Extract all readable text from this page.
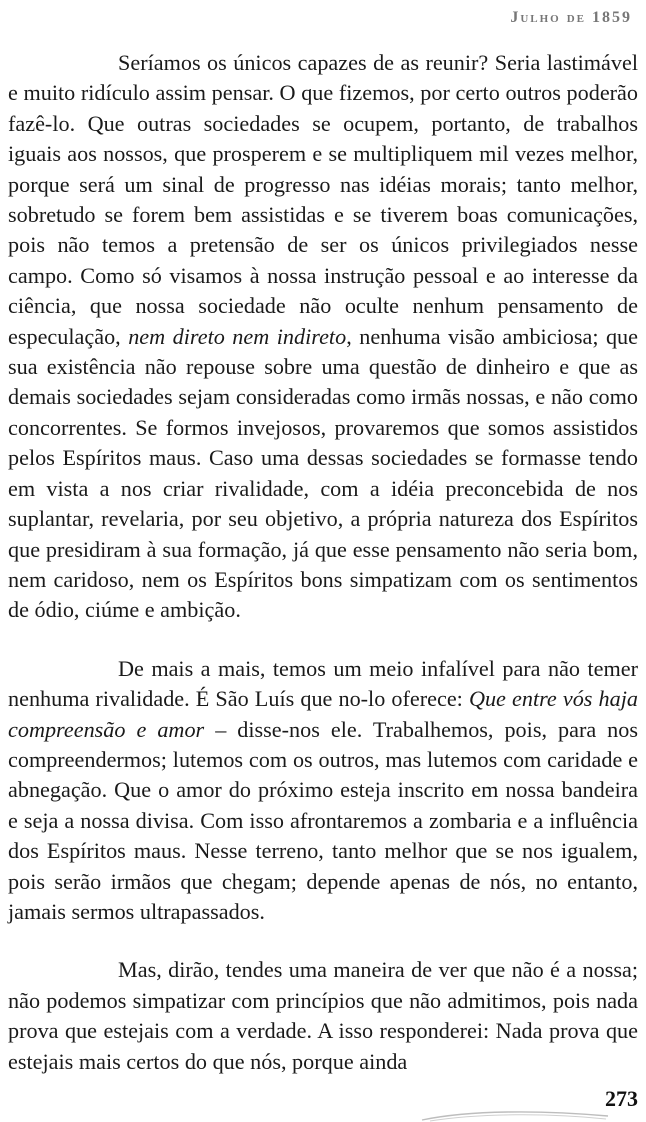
Julho de 1859

Seríamos os únicos capazes de as reunir? Seria lastimável e muito ridículo assim pensar. O que fizemos, por certo outros poderão fazê-lo. Que outras sociedades se ocupem, portanto, de trabalhos iguais aos nossos, que prosperem e se multipliquem mil vezes melhor, porque será um sinal de progresso nas idéias morais; tanto melhor, sobretudo se forem bem assistidas e se tiverem boas comunicações, pois não temos a pretensão de ser os únicos privilegiados nesse campo. Como só visamos à nossa instrução pessoal e ao interesse da ciência, que nossa sociedade não oculte nenhum pensamento de especulação, nem direto nem indireto, nenhuma visão ambiciosa; que sua existência não repouse sobre uma questão de dinheiro e que as demais sociedades sejam consideradas como irmãs nossas, e não como concorrentes. Se formos invejosos, provaremos que somos assistidos pelos Espíritos maus. Caso uma dessas sociedades se formasse tendo em vista a nos criar rivalidade, com a idéia preconcebida de nos suplantar, revelaria, por seu objetivo, a própria natureza dos Espíritos que presidiram à sua formação, já que esse pensamento não seria bom, nem caridoso, nem os Espíritos bons simpatizam com os sentimentos de ódio, ciúme e ambição.

De mais a mais, temos um meio infalível para não temer nenhuma rivalidade. É São Luís que no-lo oferece: Que entre vós haja compreensão e amor – disse-nos ele. Trabalhemos, pois, para nos compreendermos; lutemos com os outros, mas lutemos com caridade e abnegação. Que o amor do próximo esteja inscrito em nossa bandeira e seja a nossa divisa. Com isso afrontaremos a zombaria e a influência dos Espíritos maus. Nesse terreno, tanto melhor que se nos igualem, pois serão irmãos que chegam; depende apenas de nós, no entanto, jamais sermos ultrapassados.

Mas, dirão, tendes uma maneira de ver que não é a nossa; não podemos simpatizar com princípios que não admitimos, pois nada prova que estejais com a verdade. A isso responderei: Nada prova que estejais mais certos do que nós, porque ainda

273
